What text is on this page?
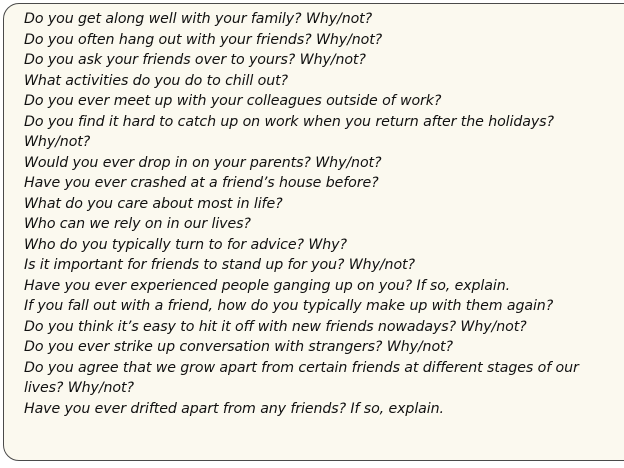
Do you get along well with your family? Why/not?
Do you often hang out with your friends? Why/not?
Do you ask your friends over to yours? Why/not?
What activities do you do to chill out?
Do you ever meet up with your colleagues outside of work?
Do you find it hard to catch up on work when you return after the holidays?
Why/not?
Would you ever drop in on your parents? Why/not?
Have you ever crashed at a friend’s house before?
What do you care about most in life?
Who can we rely on in our lives?
Who do you typically turn to for advice? Why?
Is it important for friends to stand up for you? Why/not?
Have you ever experienced people ganging up on you? If so, explain.
If you fall out with a friend, how do you typically make up with them again?
Do you think it’s easy to hit it off with new friends nowadays? Why/not?
Do you ever strike up conversation with strangers? Why/not?
Do you agree that we grow apart from certain friends at different stages of our
lives? Why/not?
Have you ever drifted apart from any friends? If so, explain.
